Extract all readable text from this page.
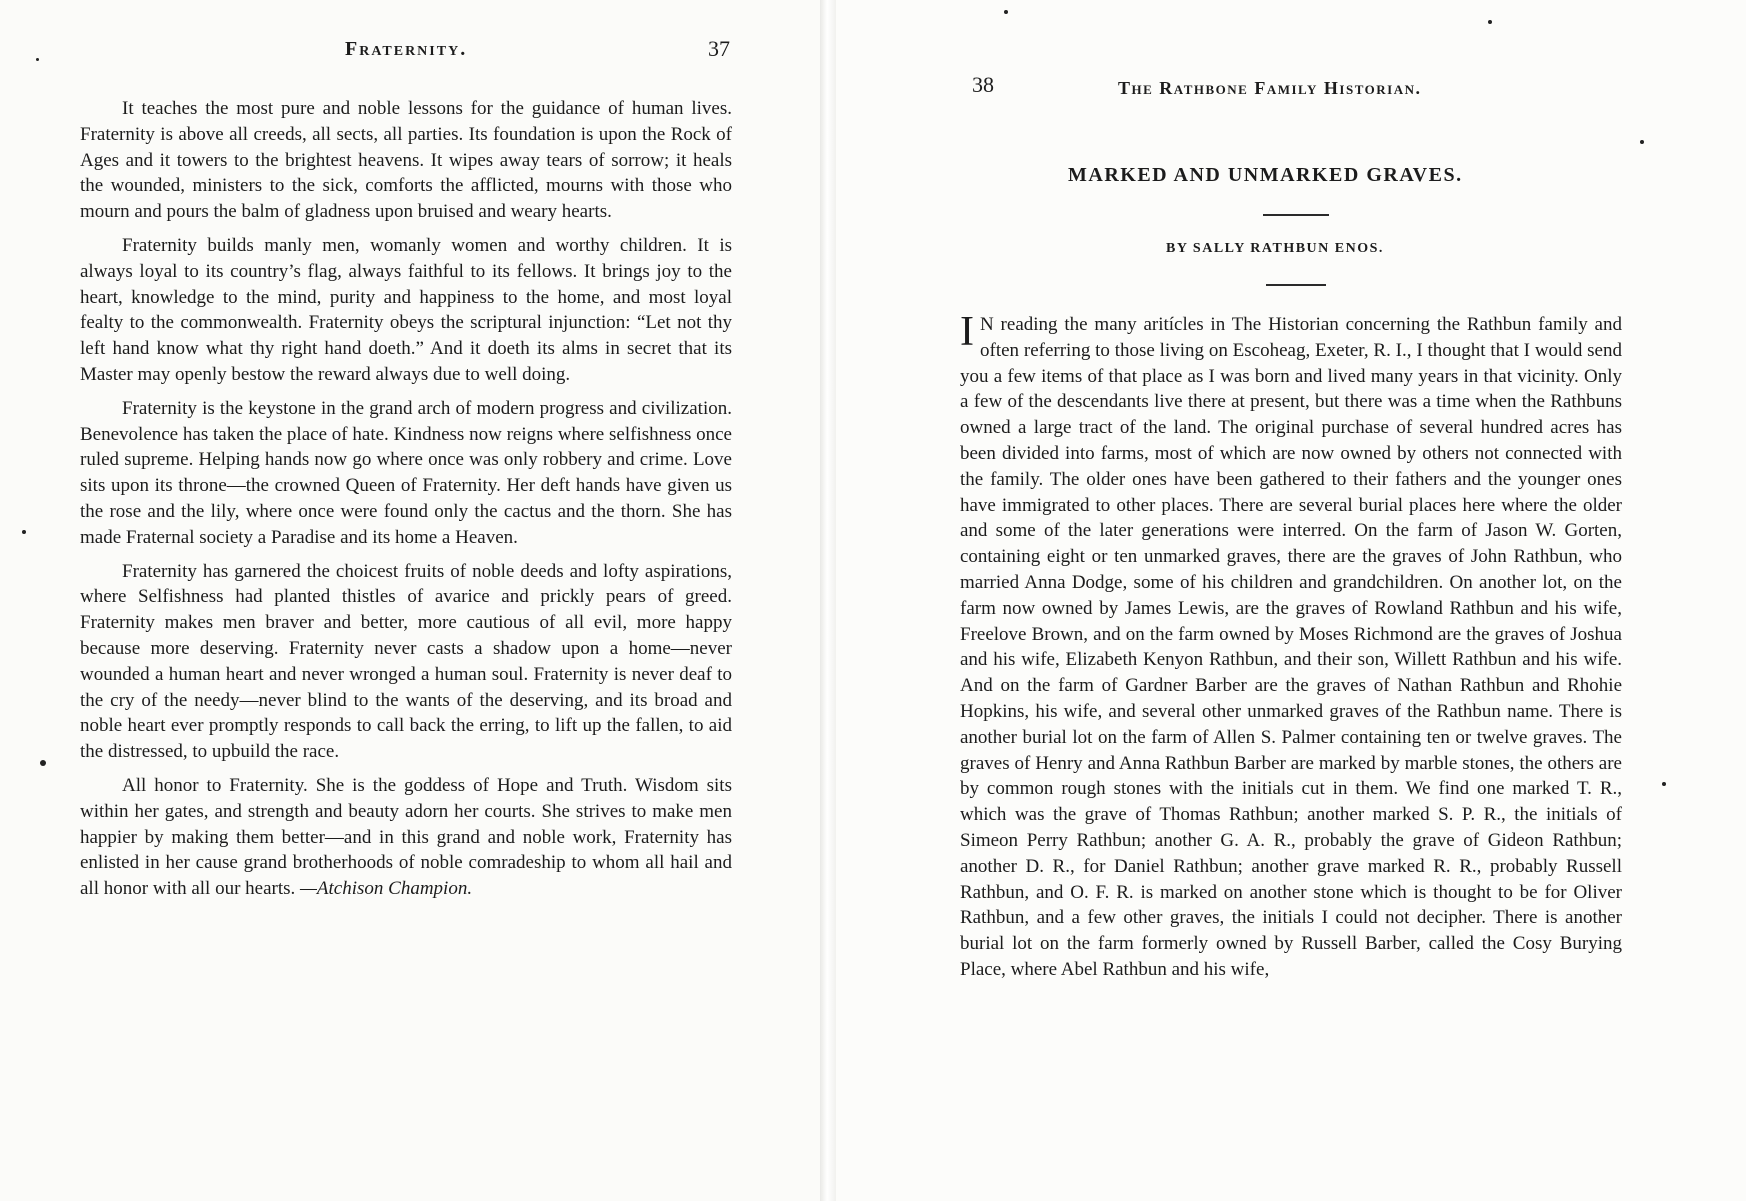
Fraternity.	37

It teaches the most pure and noble lessons for the guidance of human lives. Fraternity is above all creeds, all sects, all parties. Its foundation is upon the Rock of Ages and it towers to the brightest heavens. It wipes away tears of sorrow; it heals the wounded, ministers to the sick, comforts the afflicted, mourns with those who mourn and pours the balm of gladness upon bruised and weary hearts.

Fraternity builds manly men, womanly women and worthy children. It is always loyal to its country’s flag, always faithful to its fellows. It brings joy to the heart, knowledge to the mind, purity and happiness to the home, and most loyal fealty to the commonwealth. Fraternity obeys the scriptural injunction: “Let not thy left hand know what thy right hand doeth.” And it doeth its alms in secret that its Master may openly bestow the reward always due to well doing.

Fraternity is the keystone in the grand arch of modern progress and civilization. Benevolence has taken the place of hate. Kindness now reigns where selfishness once ruled supreme. Helping hands now go where once was only robbery and crime. Love sits upon its throne—the crowned Queen of Fraternity. Her deft hands have given us the rose and the lily, where once were found only the cactus and the thorn. She has made Fraternal society a Paradise and its home a Heaven.

Fraternity has garnered the choicest fruits of noble deeds and lofty aspirations, where Selfishness had planted thistles of avarice and prickly pears of greed. Fraternity makes men braver and better, more cautious of all evil, more happy because more deserving. Fraternity never casts a shadow upon a home—never wounded a human heart and never wronged a human soul. Fraternity is never deaf to the cry of the needy—never blind to the wants of the deserving, and its broad and noble heart ever promptly responds to call back the erring, to lift up the fallen, to aid the distressed, to upbuild the race.

All honor to Fraternity. She is the goddess of Hope and Truth. Wisdom sits within her gates, and strength and beauty adorn her courts. She strives to make men happier by making them better—and in this grand and noble work, Fraternity has enlisted in her cause grand brotherhoods of noble comradeship to whom all hail and all honor with all our hearts. —Atchison Champion.

38	The Rathbone Family Historian.
MARKED AND UNMARKED GRAVES.
BY SALLY RATHBUN ENOS.

I N reading the many aritícles in The Historian concerning the Rathbun family and often referring to those living on Escoheag, Exeter, R. I., I thought that I would send you a few items of that place as I was born and lived many years in that vicinity. Only a few of the descendants live there at present, but there was a time when the Rathbuns owned a large tract of the land. The original purchase of several hundred acres has been divided into farms, most of which are now owned by others not connected with the family. The older ones have been gathered to their fathers and the younger ones have immigrated to other places. There are several burial places here where the older and some of the later generations were interred. On the farm of Jason W. Gorten, containing eight or ten unmarked graves, there are the graves of John Rathbun, who married Anna Dodge, some of his children and grandchildren. On another lot, on the farm now owned by James Lewis, are the graves of Rowland Rathbun and his wife, Freelove Brown, and on the farm owned by Moses Richmond are the graves of Joshua and his wife, Elizabeth Kenyon Rathbun, and their son, Willett Rathbun and his wife. And on the farm of Gardner Barber are the graves of Nathan Rathbun and Rhohie Hopkins, his wife, and several other unmarked graves of the Rathbun name. There is another burial lot on the farm of Allen S. Palmer containing ten or twelve graves. The graves of Henry and Anna Rathbun Barber are marked by marble stones, the others are by common rough stones with the initials cut in them. We find one marked T. R., which was the grave of Thomas Rathbun; another marked S. P. R., the initials of Simeon Perry Rathbun; another G. A. R., probably the grave of Gideon Rathbun; another D. R., for Daniel Rathbun; another grave marked R. R., probably Russell Rathbun, and O. F. R. is marked on another stone which is thought to be for Oliver Rathbun, and a few other graves, the initials I could not decipher. There is another burial lot on the farm formerly owned by Russell Barber, called the Cosy Burying Place, where Abel Rathbun and his wife,
